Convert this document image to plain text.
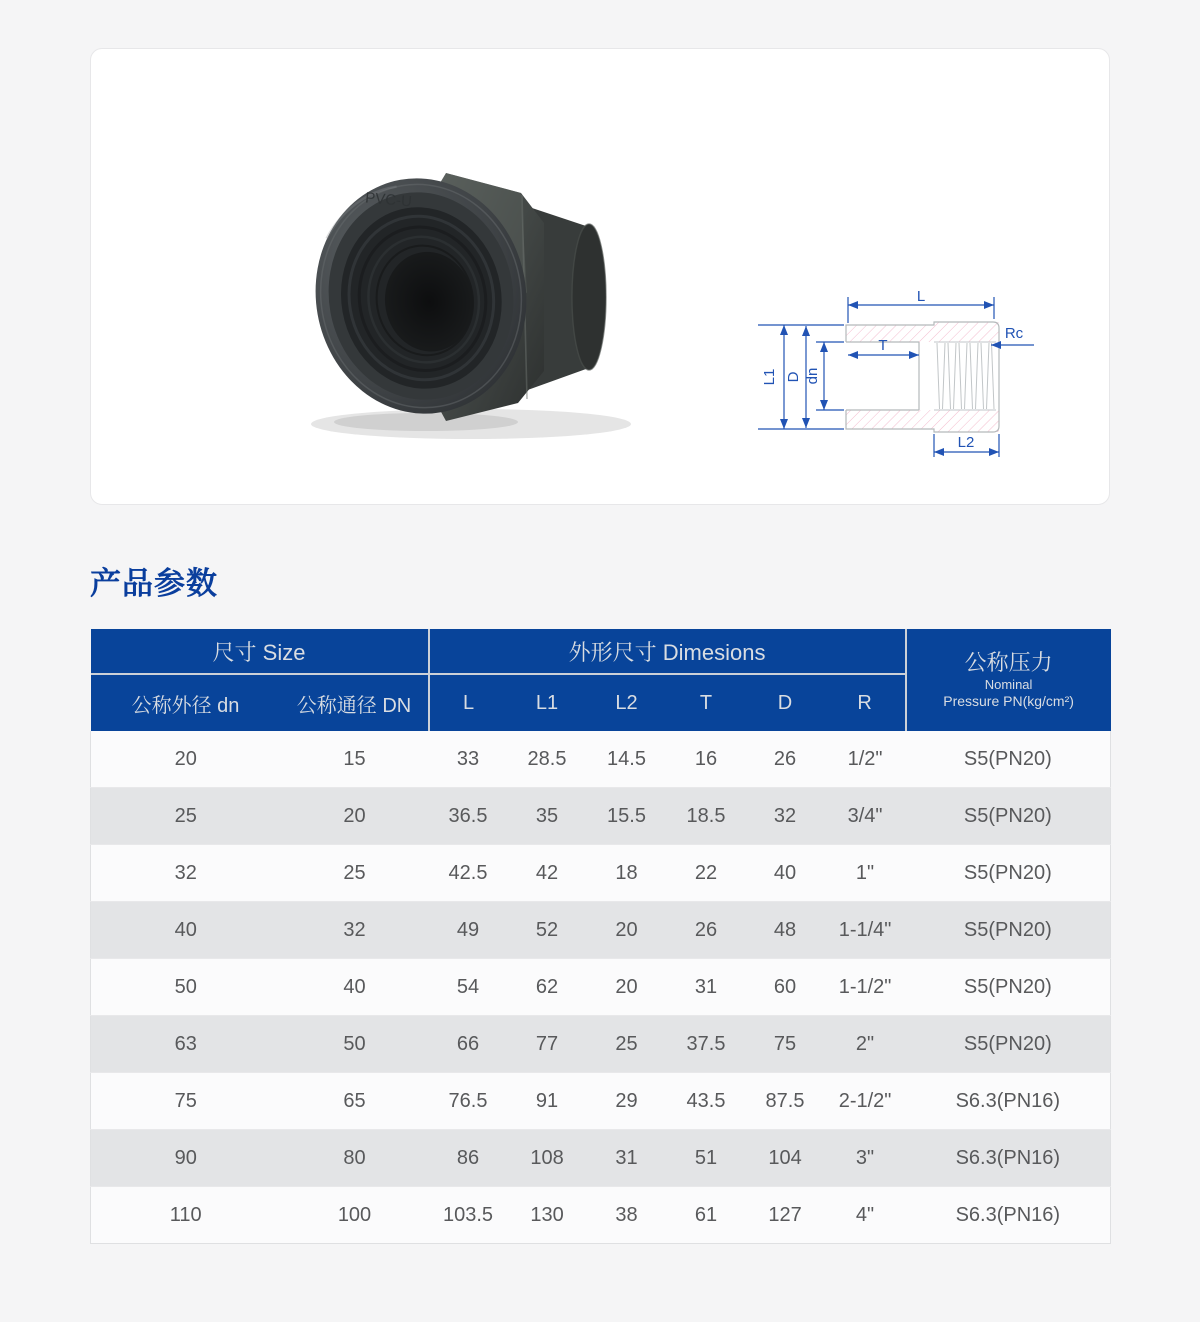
PVC-U
L
Rc
T
L1 D dn
L2
产品参数
尺寸 Size		外形尺寸 Dimesions						公称压力
Nominal
Pressure PN(kg/cm²)

公称外径 dn	公称通径 DN	L	L1	L2	T	D	R	
20	15	33	28.5	14.5	16	26	1/2"	S5(PN20)
25	20	36.5	35	15.5	18.5	32	3/4"	S5(PN20)
32	25	42.5	42	18	22	40	1"	S5(PN20)
40	32	49	52	20	26	48	1-1/4"	S5(PN20)
50	40	54	62	20	31	60	1-1/2"	S5(PN20)
63	50	66	77	25	37.5	75	2"	S5(PN20)
75	65	76.5	91	29	43.5	87.5	2-1/2"	S6.3(PN16)
90	80	86	108	31	51	104	3"	S6.3(PN16)
110	100	103.5	130	38	61	127	4"	S6.3(PN16)
